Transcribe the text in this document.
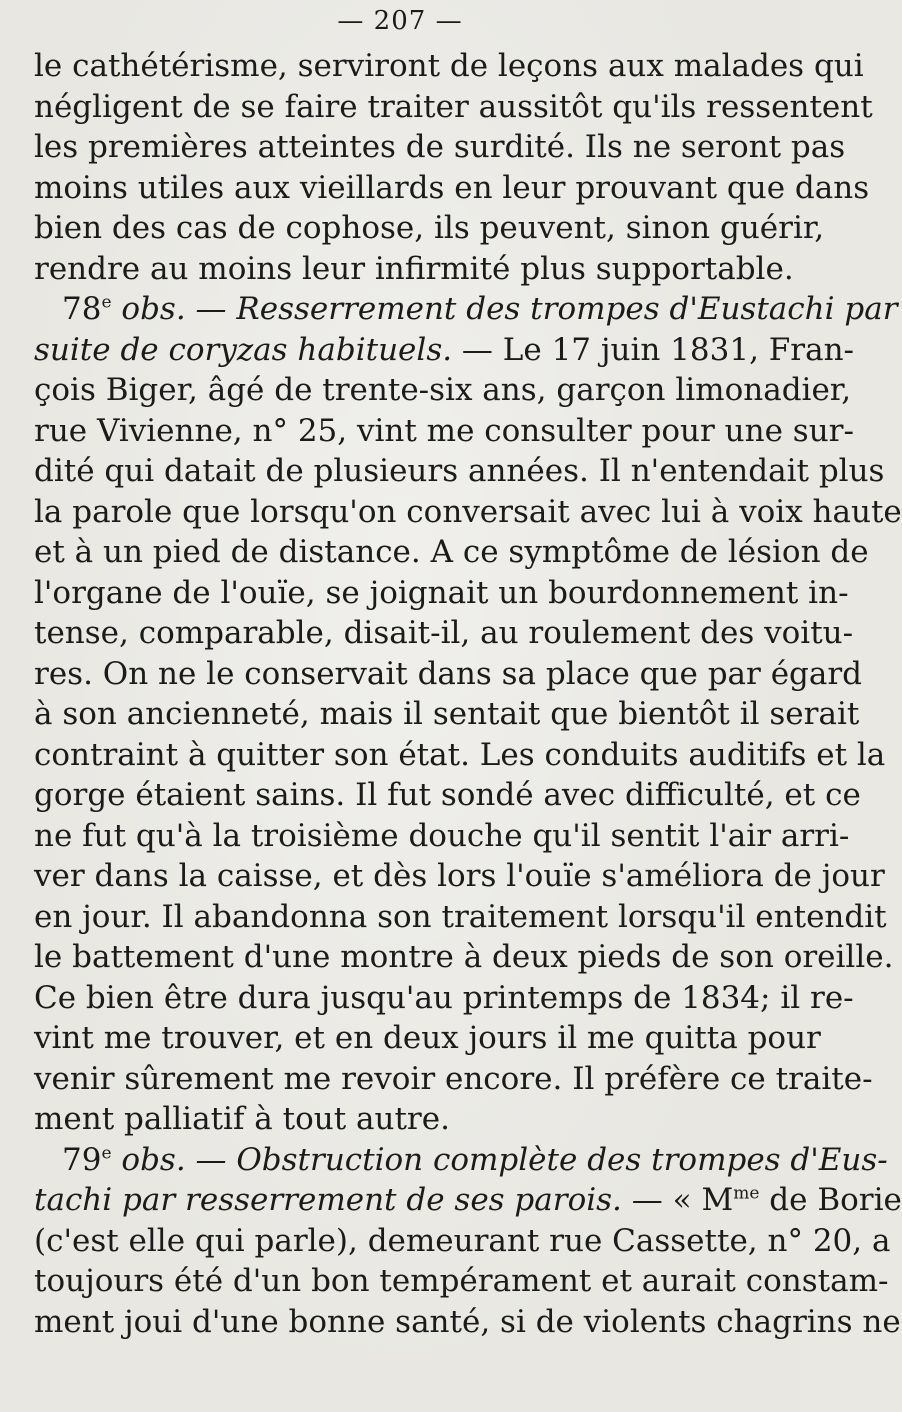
— 207 —
le cathétérisme, serviront de leçons aux malades qui
négligent de se faire traiter aussitôt qu'ils ressentent
les premières atteintes de surdité. Ils ne seront pas
moins utiles aux vieillards en leur prouvant que dans
bien des cas de cophose, ils peuvent, sinon guérir,
rendre au moins leur infirmité plus supportable.
78e obs. — Resserrement des trompes d'Eustachi par
suite de coryzas habituels. — Le 17 juin 1831, Fran-
çois Biger, âgé de trente-six ans, garçon limonadier,
rue Vivienne, n° 25, vint me consulter pour une sur-
dité qui datait de plusieurs années. Il n'entendait plus
la parole que lorsqu'on conversait avec lui à voix haute
et à un pied de distance. A ce symptôme de lésion de
l'organe de l'ouïe, se joignait un bourdonnement in-
tense, comparable, disait-il, au roulement des voitu-
res. On ne le conservait dans sa place que par égard
à son ancienneté, mais il sentait que bientôt il serait
contraint à quitter son état. Les conduits auditifs et la
gorge étaient sains. Il fut sondé avec difficulté, et ce
ne fut qu'à la troisième douche qu'il sentit l'air arri-
ver dans la caisse, et dès lors l'ouïe s'améliora de jour
en jour. Il abandonna son traitement lorsqu'il entendit
le battement d'une montre à deux pieds de son oreille.
Ce bien être dura jusqu'au printemps de 1834; il re-
vint me trouver, et en deux jours il me quitta pour
venir sûrement me revoir encore. Il préfère ce traite-
ment palliatif à tout autre.
79e obs. — Obstruction complète des trompes d'Eus-
tachi par resserrement de ses parois. — « $M^{me}$ de Borie
(c'est elle qui parle), demeurant rue Cassette, n° 20, a
toujours été d'un bon tempérament et aurait constam-
ment joui d'une bonne santé, si de violents chagrins ne
